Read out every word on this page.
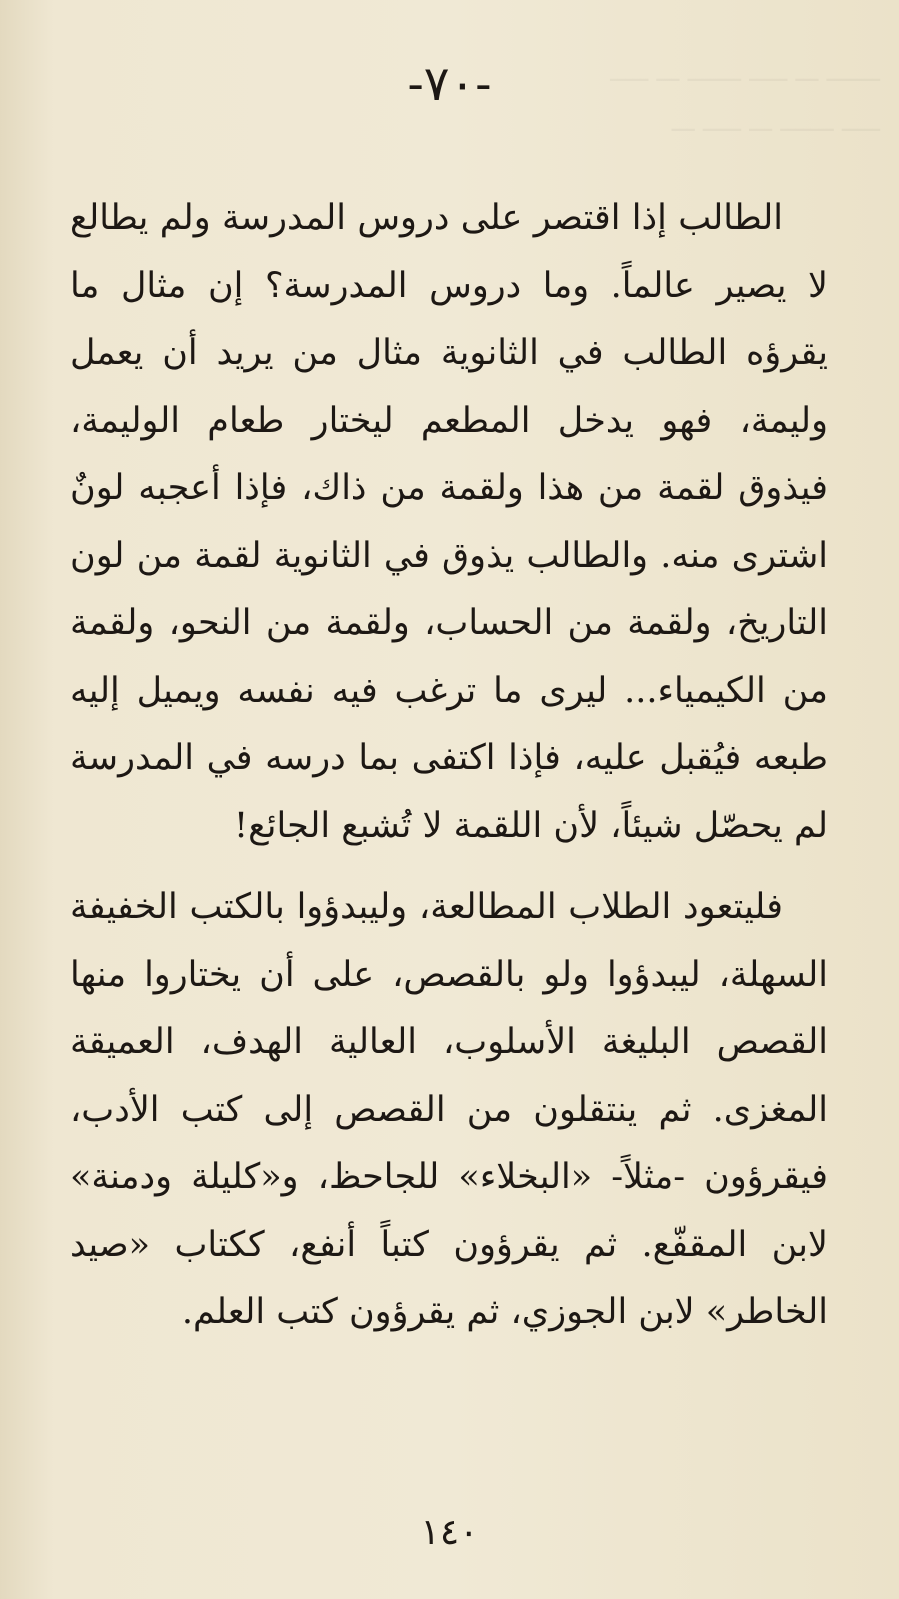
ـــــــ ـــ ـــــ ـــــــ ـــ ـــــ
ـــــ ـــــــ ـــ ـــــ ـــ
-٧٠-

الطالب إذا اقتصر على دروس المدرسة ولم يطالع لا يصير عالماً. وما دروس المدرسة؟ إن مثال ما يقرؤه الطالب في الثانوية مثال من يريد أن يعمل وليمة، فهو يدخل المطعم ليختار طعام الوليمة، فيذوق لقمة من هذا ولقمة من ذاك، فإذا أعجبه لونٌ اشترى منه. والطالب يذوق في الثانوية لقمة من لون التاريخ، ولقمة من الحساب، ولقمة من النحو، ولقمة من الكيمياء... ليرى ما ترغب فيه نفسه ويميل إليه طبعه فيُقبل عليه، فإذا اكتفى بما درسه في المدرسة لم يحصّل شيئاً، لأن اللقمة لا تُشبع الجائع!

فليتعود الطلاب المطالعة، وليبدؤوا بالكتب الخفيفة السهلة، ليبدؤوا ولو بالقصص، على أن يختاروا منها القصص البليغة الأسلوب، العالية الهدف، العميقة المغزى. ثم ينتقلون من القصص إلى كتب الأدب، فيقرؤون -مثلاً- «البخلاء» للجاحظ، و«كليلة ودمنة» لابن المقفّع. ثم يقرؤون كتباً أنفع، ككتاب «صيد الخاطر» لابن الجوزي، ثم يقرؤون كتب العلم.

١٤٠
